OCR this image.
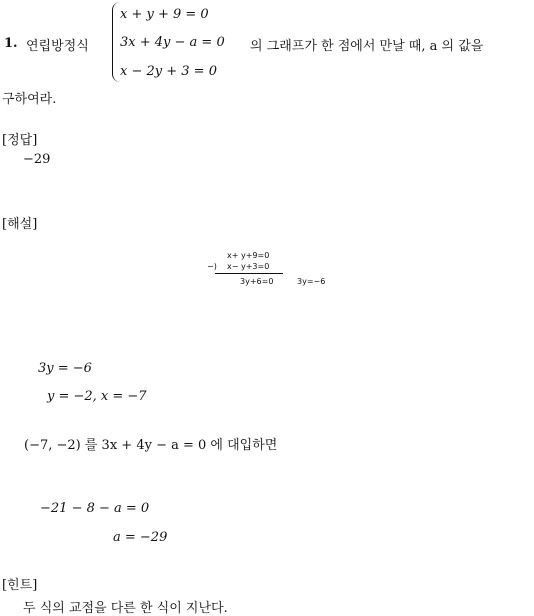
1. 연립방정식
x + y + 9 = 0
3x + 4y − a = 0
x − 2y + 3 = 0
의 그래프가 한 점에서 만날 때, a 의 값을
구하여라.
[정답]
−29
[해설]
x+ y+9=0
−) x− y+3=0
3y+6=0	3y=−6
3y = −6
y = −2, x = −7
(−7, −2) 를 3x + 4y − a = 0 에 대입하면
−21 − 8 − a = 0
a = −29
[힌트]
두 식의 교점을 다른 한 식이 지난다.
